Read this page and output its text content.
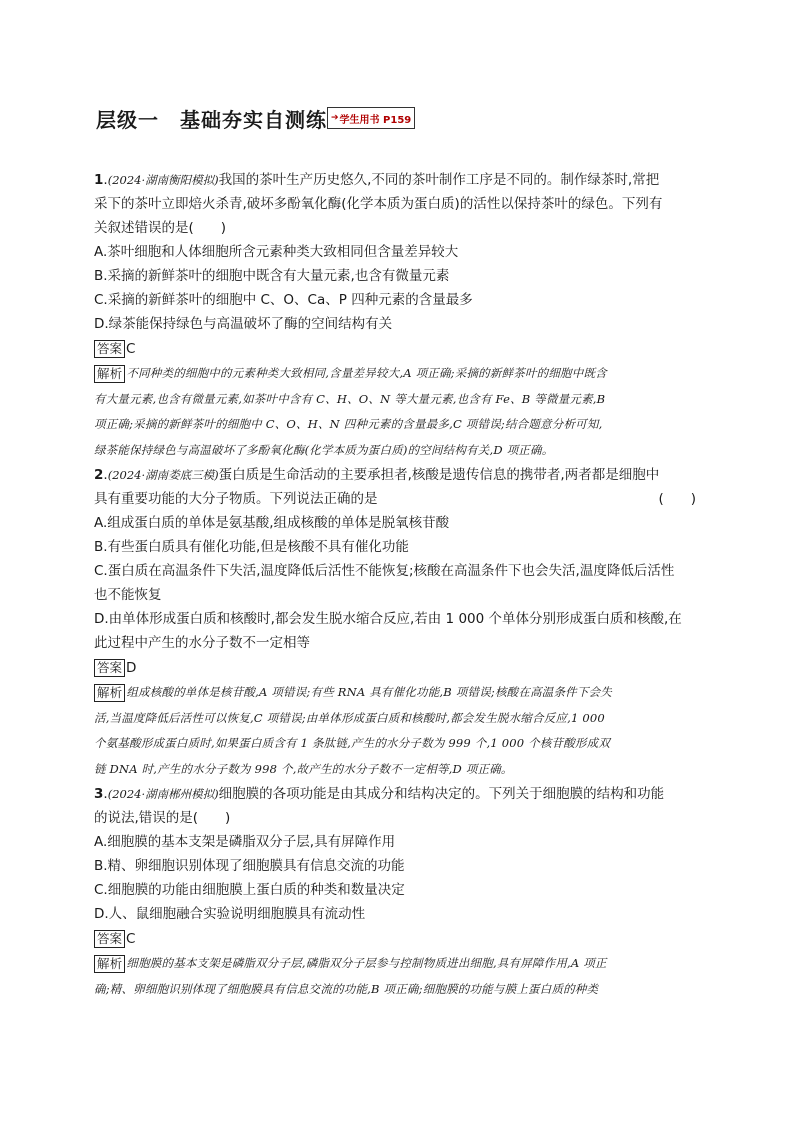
层级一　基础夯实自测练 ➔ 学生用书 P159
1.(2024·湖南衡阳模拟)我国的茶叶生产历史悠久,不同的茶叶制作工序是不同的。制作绿茶时,常把
采下的茶叶立即焙火杀青,破坏多酚氧化酶(化学本质为蛋白质)的活性以保持茶叶的绿色。下列有
关叙述错误的是(　　)
A.茶叶细胞和人体细胞所含元素种类大致相同但含量差异较大
B.采摘的新鲜茶叶的细胞中既含有大量元素,也含有微量元素
C.采摘的新鲜茶叶的细胞中 C、O、Ca、P 四种元素的含量最多
D.绿茶能保持绿色与高温破坏了酶的空间结构有关
答案 C
解析 不同种类的细胞中的元素种类大致相同,含量差异较大,A 项正确;采摘的新鲜茶叶的细胞中既含
有大量元素,也含有微量元素,如茶叶中含有 C、H、O、N 等大量元素,也含有 Fe、B 等微量元素,B
项正确;采摘的新鲜茶叶的细胞中 C、O、H、N 四种元素的含量最多,C 项错误;结合题意分析可知,
绿茶能保持绿色与高温破坏了多酚氧化酶(化学本质为蛋白质)的空间结构有关,D 项正确。
2.(2024·湖南娄底三模)蛋白质是生命活动的主要承担者,核酸是遗传信息的携带者,两者都是细胞中
具有重要功能的大分子物质。下列说法正确的是	(　　)
A.组成蛋白质的单体是氨基酸,组成核酸的单体是脱氧核苷酸
B.有些蛋白质具有催化功能,但是核酸不具有催化功能
C.蛋白质在高温条件下失活,温度降低后活性不能恢复;核酸在高温条件下也会失活,温度降低后活性
也不能恢复
D.由单体形成蛋白质和核酸时,都会发生脱水缩合反应,若由 1 000 个单体分别形成蛋白质和核酸,在
此过程中产生的水分子数不一定相等
答案 D
解析 组成核酸的单体是核苷酸,A 项错误;有些 RNA 具有催化功能,B 项错误;核酸在高温条件下会失
活,当温度降低后活性可以恢复,C 项错误;由单体形成蛋白质和核酸时,都会发生脱水缩合反应,1 000
个氨基酸形成蛋白质时,如果蛋白质含有 1 条肽链,产生的水分子数为 999 个,1 000 个核苷酸形成双
链 DNA 时,产生的水分子数为 998 个,故产生的水分子数不一定相等,D 项正确。
3.(2024·湖南郴州模拟)细胞膜的各项功能是由其成分和结构决定的。下列关于细胞膜的结构和功能
的说法,错误的是(　　)
A.细胞膜的基本支架是磷脂双分子层,具有屏障作用
B.精、卵细胞识别体现了细胞膜具有信息交流的功能
C.细胞膜的功能由细胞膜上蛋白质的种类和数量决定
D.人、鼠细胞融合实验说明细胞膜具有流动性
答案 C
解析 细胞膜的基本支架是磷脂双分子层,磷脂双分子层参与控制物质进出细胞,具有屏障作用,A 项正
确;精、卵细胞识别体现了细胞膜具有信息交流的功能,B 项正确;细胞膜的功能与膜上蛋白质的种类
